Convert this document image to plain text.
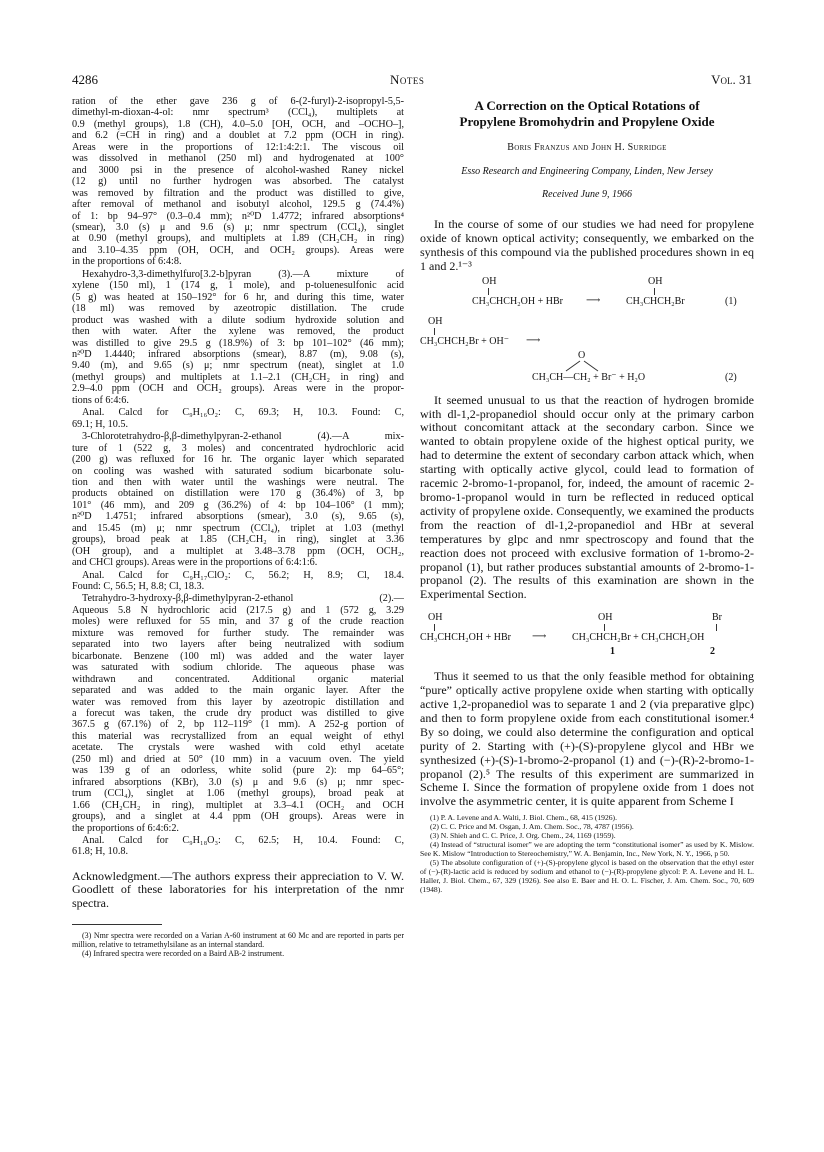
4286	Notes	Vol. 31

ration of the ether gave 236 g of 6-(2-furyl)-2-isopropyl-5,5-
dimethyl-m-dioxan-4-ol: nmr spectrum³ (CCl₄), multiplets at
0.9 (methyl groups), 1.8 (CH), 4.0–5.0 [OH, OCH, and –OCHO–],
and 6.2 (=CH in ring) and a doublet at 7.2 ppm (OCH in ring).
Areas were in the proportions of 12:1:4:2:1. The viscous oil
was dissolved in methanol (250 ml) and hydrogenated at 100°
and 3000 psi in the presence of alcohol-washed Raney nickel
(12 g) until no further hydrogen was absorbed. The catalyst
was removed by filtration and the product was distilled to give,
after removal of methanol and isobutyl alcohol, 129.5 g (74.4%)
of 1: bp 94–97° (0.3–0.4 mm); n²⁰D 1.4772; infrared absorptions⁴
(smear), 3.0 (s) μ and 9.6 (s) μ; nmr spectrum (CCl₄), singlet
at 0.90 (methyl groups), and multiplets at 1.89 (CH₂CH₂ in ring)
and 3.10–4.35 ppm (OH, OCH, and OCH₂ groups). Areas were
in the proportions of 6:4:8.

Hexahydro-3,3-dimethylfuro[3.2-b]pyran (3).—A mixture of
xylene (150 ml), 1 (174 g, 1 mole), and p-toluenesulfonic acid
(5 g) was heated at 150–192° for 6 hr, and during this time, water
(18 ml) was removed by azeotropic distillation. The crude
product was washed with a dilute sodium hydroxide solution and
then with water. After the xylene was removed, the product
was distilled to give 29.5 g (18.9%) of 3: bp 101–102° (46 mm);
n²⁰D 1.4440; infrared absorptions (smear), 8.87 (m), 9.08 (s),
9.40 (m), and 9.65 (s) μ; nmr spectrum (neat), singlet at 1.0
(methyl groups) and multiplets at 1.1–2.1 (CH₂CH₂ in ring) and
2.9–4.0 ppm (OCH and OCH₂ groups). Areas were in the propor-
tions of 6:4:6.

Anal. Calcd for C₉H₁₆O₂: C, 69.3; H, 10.3. Found: C,
69.1; H, 10.5.

3-Chlorotetrahydro-β,β-dimethylpyran-2-ethanol (4).—A mix-
ture of 1 (522 g, 3 moles) and concentrated hydrochloric acid
(200 g) was refluxed for 16 hr. The organic layer which separated
on cooling was washed with saturated sodium bicarbonate solu-
tion and then with water until the washings were neutral. The
products obtained on distillation were 170 g (36.4%) of 3, bp
101° (46 mm), and 209 g (36.2%) of 4: bp 104–106° (1 mm);
n²⁰D 1.4751; infrared absorptions (smear), 3.0 (s), 9.65 (s),
and 15.45 (m) μ; nmr spectrum (CCl₄), triplet at 1.03 (methyl
groups), broad peak at 1.85 (CH₂CH₂ in ring), singlet at 3.36
(OH group), and a multiplet at 3.48–3.78 ppm (OCH, OCH₂,
and CHCl groups). Areas were in the proportions of 6:4:1:6.

Anal. Calcd for C₉H₁₇ClO₂: C, 56.2; H, 8.9; Cl, 18.4.
Found: C, 56.5; H, 8.8; Cl, 18.3.

Tetrahydro-3-hydroxy-β,β-dimethylpyran-2-ethanol (2).—
Aqueous 5.8 N hydrochloric acid (217.5 g) and 1 (572 g, 3.29
moles) were refluxed for 55 min, and 37 g of the crude reaction
mixture was removed for further study. The remainder was
separated into two layers after being neutralized with sodium
bicarbonate. Benzene (100 ml) was added and the water layer
was saturated with sodium chloride. The aqueous phase was
withdrawn and concentrated. Additional organic material
separated and was added to the main organic layer. After the
water was removed from this layer by azeotropic distillation and
a forecut was taken, the crude dry product was distilled to give
367.5 g (67.1%) of 2, bp 112–119° (1 mm). A 252-g portion of
this material was recrystallized from an equal weight of ethyl
acetate. The crystals were washed with cold ethyl acetate
(250 ml) and dried at 50° (10 mm) in a vacuum oven. The yield
was 139 g of an odorless, white solid (pure 2): mp 64–65°;
infrared absorptions (KBr), 3.0 (s) μ and 9.6 (s) μ; nmr spec-
trum (CCl₄), singlet at 1.06 (methyl groups), broad peak at
1.66 (CH₂CH₂ in ring), multiplet at 3.3–4.1 (OCH₂ and OCH
groups), and a singlet at 4.4 ppm (OH groups). Areas were in
the proportions of 6:4:6:2.

Anal. Calcd for C₉H₁₈O₃: C, 62.5; H, 10.4. Found: C,
61.8; H, 10.8.

Acknowledgment.—The authors express their appreciation to V. W. Goodlett of these laboratories for his interpretation of the nmr spectra.

(3) Nmr spectra were recorded on a Varian A-60 instrument at 60 Mc and are reported in parts per million, relative to tetramethylsilane as an internal standard.

(4) Infrared spectra were recorded on a Baird AB-2 instrument.

A Correction on the Optical Rotations of
Propylene Bromohydrin and Propylene Oxide
Boris Franzus and John H. Surridge
Esso Research and Engineering Company, Linden, New Jersey
Received June 9, 1966

In the course of some of our studies we had need for propylene oxide of known optical activity; consequently, we embarked on the synthesis of this compound via the published procedures shown in eq 1 and 2.¹⁻³

OH	OH
CH₃CHCH₂OH + HBr ⟶	CH₃CHCH₂Br	(1)
OH
CH₃CHCH₂Br + OH⁻ ⟶
O
CH₃CH—CH₂ + Br⁻ + H₂O	(2)

It seemed unusual to us that the reaction of hydrogen bromide with dl-1,2-propanediol should occur only at the primary carbon without concomitant attack at the secondary carbon. Since we wanted to obtain propylene oxide of the highest optical purity, we had to determine the extent of secondary carbon attack which, when starting with optically active glycol, could lead to formation of racemic 2-bromo-1-propanol, for, indeed, the amount of racemic 2-bromo-1-propanol would in turn be reflected in reduced optical activity of propylene oxide. Consequently, we examined the products from the reaction of dl-1,2-propanediol and HBr at several temperatures by glpc and nmr spectroscopy and found that the reaction does not proceed with exclusive formation of 1-bromo-2-propanol (1), but rather produces substantial amounts of 2-bromo-1-propanol (2). The results of this examination are shown in the Experimental Section.

OH	OH	Br
CH₃CHCH₂OH + HBr ⟶	CH₃CHCH₂Br + CH₃CHCH₂OH
1	2

Thus it seemed to us that the only feasible method for obtaining “pure” optically active propylene oxide when starting with optically active 1,2-propanediol was to separate 1 and 2 (via preparative glpc) and then to form propylene oxide from each constitutional isomer.⁴ By so doing, we could also determine the configuration and optical purity of 2. Starting with (+)-(S)-propylene glycol and HBr we synthesized (+)-(S)-1-bromo-2-propanol (1) and (−)-(R)-2-bromo-1-propanol (2).⁵ The results of this experiment are summarized in Scheme I. Since the formation of propylene oxide from 1 does not involve the asymmetric center, it is quite apparent from Scheme I

(1) P. A. Levene and A. Walti, J. Biol. Chem., 68, 415 (1926).

(2) C. C. Price and M. Osgan, J. Am. Chem. Soc., 78, 4787 (1956).

(3) N. Shieh and C. C. Price, J. Org. Chem., 24, 1169 (1959).

(4) Instead of “structural isomer” we are adopting the term “constitutional isomer” as used by K. Mislow. See K. Mislow “Introduction to Stereochemistry,” W. A. Benjamin, Inc., New York, N. Y., 1966, p 50.

(5) The absolute configuration of (+)-(S)-propylene glycol is based on the observation that the ethyl ester of (−)-(R)-lactic acid is reduced by sodium and ethanol to (−)-(R)-propylene glycol: P. A. Levene and H. L. Haller, J. Biol. Chem., 67, 329 (1926). See also E. Baer and H. O. L. Fischer, J. Am. Chem. Soc., 70, 609 (1948).
